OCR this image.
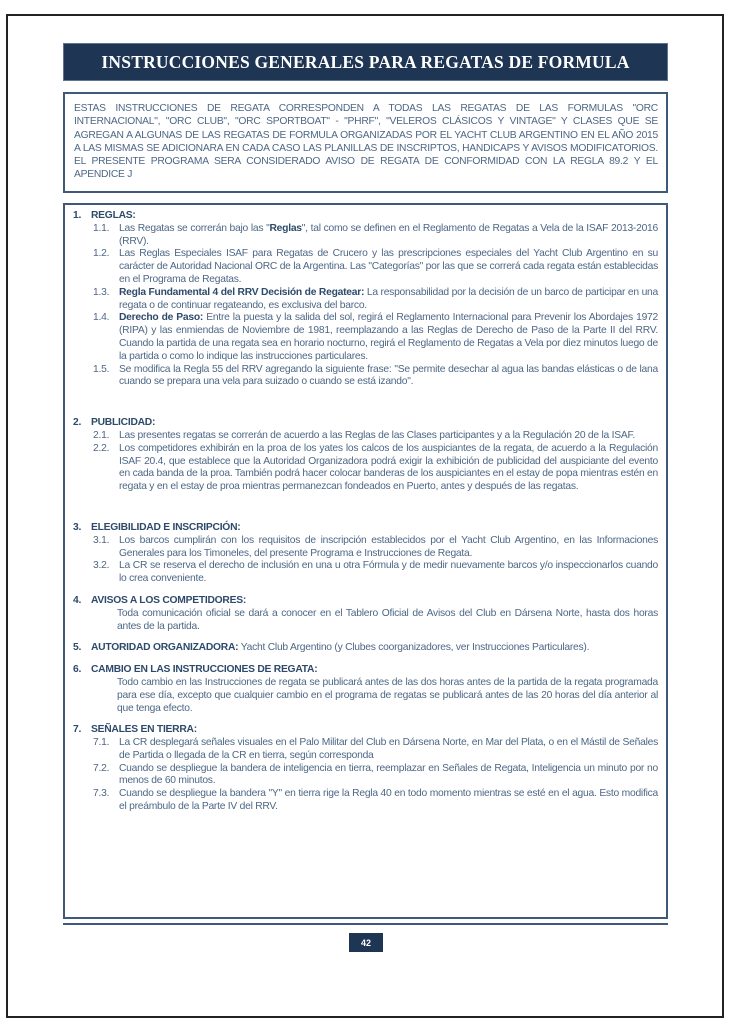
INSTRUCCIONES GENERALES PARA REGATAS DE FORMULA
ESTAS INSTRUCCIONES DE REGATA CORRESPONDEN A TODAS LAS REGATAS DE LAS FORMULAS "ORC INTERNACIONAL", "ORC CLUB", "ORC SPORTBOAT" - "PHRF", "VELEROS CLÁSICOS Y VINTAGE" Y CLASES QUE SE AGREGAN A ALGUNAS DE LAS REGATAS DE FORMULA ORGANIZADAS POR EL YACHT CLUB ARGENTINO EN EL AÑO 2015 A LAS MISMAS SE ADICIONARA EN CADA CASO LAS PLANILLAS DE INSCRIPTOS, HANDICAPS Y AVISOS MODIFICATORIOS. EL PRESENTE PROGRAMA SERA CONSIDERADO AVISO DE REGATA DE CONFORMIDAD CON LA REGLA 89.2 Y EL APENDICE J
1. REGLAS:
1.1. Las Regatas se correrán bajo las "Reglas", tal como se definen en el Reglamento de Regatas a Vela de la ISAF 2013-2016 (RRV).
1.2. Las Reglas Especiales ISAF para Regatas de Crucero y las prescripciones especiales del Yacht Club Argentino en su carácter de Autoridad Nacional ORC de la Argentina. Las "Categorías" por las que se correrá cada regata están establecidas en el Programa de Regatas.
1.3. Regla Fundamental 4 del RRV Decisión de Regatear: La responsabilidad por la decisión de un barco de participar en una regata o de continuar regateando, es exclusiva del barco.
1.4. Derecho de Paso: Entre la puesta y la salida del sol, regirá el Reglamento Internacional para Prevenir los Abordajes 1972 (RIPA) y las enmiendas de Noviembre de 1981, reemplazando a las Reglas de Derecho de Paso de la Parte II del RRV. Cuando la partida de una regata sea en horario nocturno, regirá el Reglamento de Regatas a Vela por diez minutos luego de la partida o como lo indique las instrucciones particulares.
1.5. Se modifica la Regla 55 del RRV agregando la siguiente frase: "Se permite desechar al agua las bandas elásticas o de lana cuando se prepara una vela para suizado o cuando se está izando".
2. PUBLICIDAD:
2.1. Las presentes regatas se correrán de acuerdo a las Reglas de las Clases participantes y a la Regulación 20 de la ISAF.
2.2. Los competidores exhibirán en la proa de los yates los calcos de los auspiciantes de la regata, de acuerdo a la Regulación ISAF 20.4, que establece que la Autoridad Organizadora podrá exigir la exhibición de publicidad del auspiciante del evento en cada banda de la proa. También podrá hacer colocar banderas de los auspiciantes en el estay de popa mientras estén en regata y en el estay de proa mientras permanezcan fondeados en Puerto, antes y después de las regatas.
3. ELEGIBILIDAD E INSCRIPCIÓN:
3.1. Los barcos cumplirán con los requisitos de inscripción establecidos por el Yacht Club Argentino, en las Informaciones Generales para los Timoneles, del presente Programa e Instrucciones de Regata.
3.2. La CR se reserva el derecho de inclusión en una u otra Fórmula y de medir nuevamente barcos y/o inspeccionarlos cuando lo crea conveniente.
4. AVISOS A LOS COMPETIDORES:
Toda comunicación oficial se dará a conocer en el Tablero Oficial de Avisos del Club en Dársena Norte, hasta dos horas antes de la partida.
5. AUTORIDAD ORGANIZADORA: Yacht Club Argentino (y Clubes coorganizadores, ver Instrucciones Particulares).
6. CAMBIO EN LAS INSTRUCCIONES DE REGATA:
Todo cambio en las Instrucciones de regata se publicará antes de las dos horas antes de la partida de la regata programada para ese día, excepto que cualquier cambio en el programa de regatas se publicará antes de las 20 horas del día anterior al que tenga efecto.
7. SEÑALES EN TIERRA:
7.1. La CR desplegará señales visuales en el Palo Militar del Club en Dársena Norte, en Mar del Plata, o en el Mástil de Señales de Partida o llegada de la CR en tierra, según corresponda
7.2. Cuando se despliegue la bandera de inteligencia en tierra, reemplazar en Señales de Regata, Inteligencia un minuto por no menos de 60 minutos.
7.3. Cuando se despliegue la bandera "Y" en tierra rige la Regla 40 en todo momento mientras se esté en el agua. Esto modifica el preámbulo de la Parte IV del RRV.
42
